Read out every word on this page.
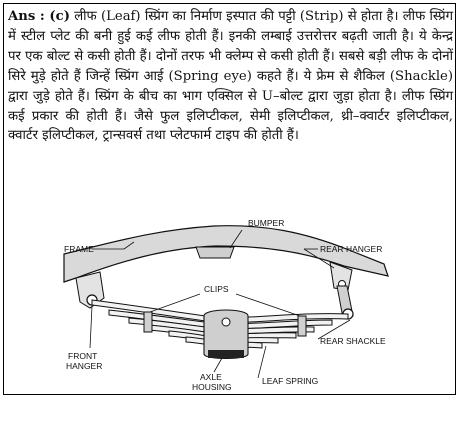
Ans : (c) लीफ (Leaf) स्प्रिंग का निर्माण इस्पात की पट्टी (Strip) से होता है। लीफ स्प्रिंग में स्टील प्लेट की बनी हुई कई लीफ होती हैं। इनकी लम्बाई उत्तरोत्तर बढ़ती जाती है। ये केन्द्र पर एक बोल्ट से कसी होती हैं। दोनों तरफ भी क्लेम्प से कसी होती हैं। सबसे बड़ी लीफ के दोनों सिरे मुड़े होते हैं जिन्हें स्प्रिंग आई (Spring eye) कहते हैं। ये फ्रेम से शैकिल (Shackle) द्वारा जुड़े होते हैं। स्प्रिंग के बीच का भाग एक्सिल से U–बोल्ट द्वारा जुड़ा होता है। लीफ स्प्रिंग कई प्रकार की होती हैं। जैसे फुल इलिप्टीकल, सेमी इलिप्टीकल, थ्री–क्वार्टर इलिप्टीकल, क्वार्टर इलिप्टीकल, ट्रान्सवर्स तथा प्लेटफार्म टाइप की होती हैं।
BUMPER
FRAME	REAR HANGER
CLIPS
REAR SHACKLE
FRONT
HANGER
AXLE
HOUSING
LEAF SPRING
